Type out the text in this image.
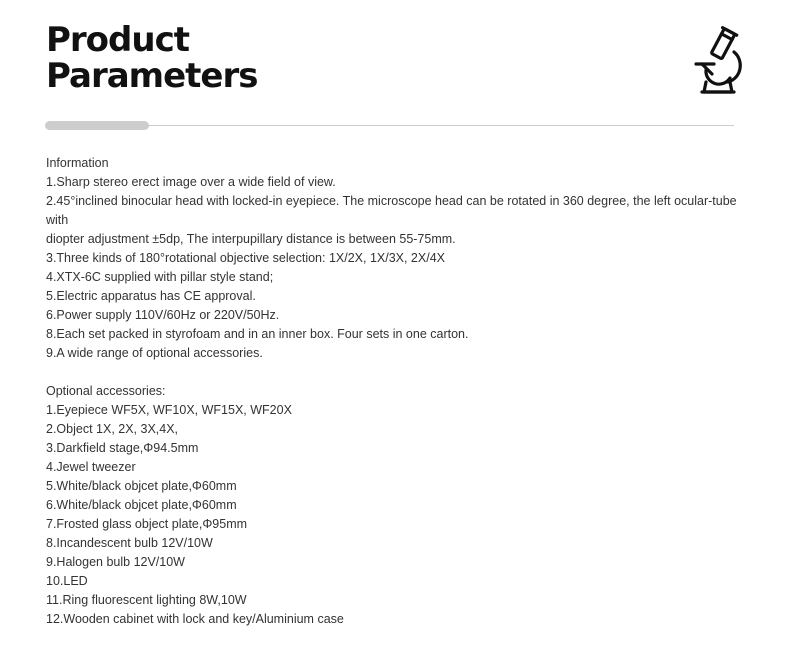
Product
Parameters
Information
1.Sharp stereo erect image over a wide field of view.
2.45°inclined binocular head with locked-in eyepiece. The microscope head can be rotated in 360 degree, the left ocular-tube
with
diopter adjustment ±5dp, The interpupillary distance is between 55-75mm.
3.Three kinds of 180°rotational objective selection: 1X/2X, 1X/3X, 2X/4X
4.XTX-6C supplied with pillar style stand;
5.Electric apparatus has CE approval.
6.Power supply 110V/60Hz or 220V/50Hz.
8.Each set packed in styrofoam and in an inner box. Four sets in one carton.
9.A wide range of optional accessories.
Optional accessories:
1.Eyepiece WF5X, WF10X, WF15X, WF20X
2.Object 1X, 2X, 3X,4X,
3.Darkfield stage,Φ94.5mm
4.Jewel tweezer
5.White/black objcet plate,Φ60mm
6.White/black objcet plate,Φ60mm
7.Frosted glass object plate,Φ95mm
8.Incandescent bulb 12V/10W
9.Halogen bulb 12V/10W
10.LED
11.Ring fluorescent lighting 8W,10W
12.Wooden cabinet with lock and key/Aluminium case
